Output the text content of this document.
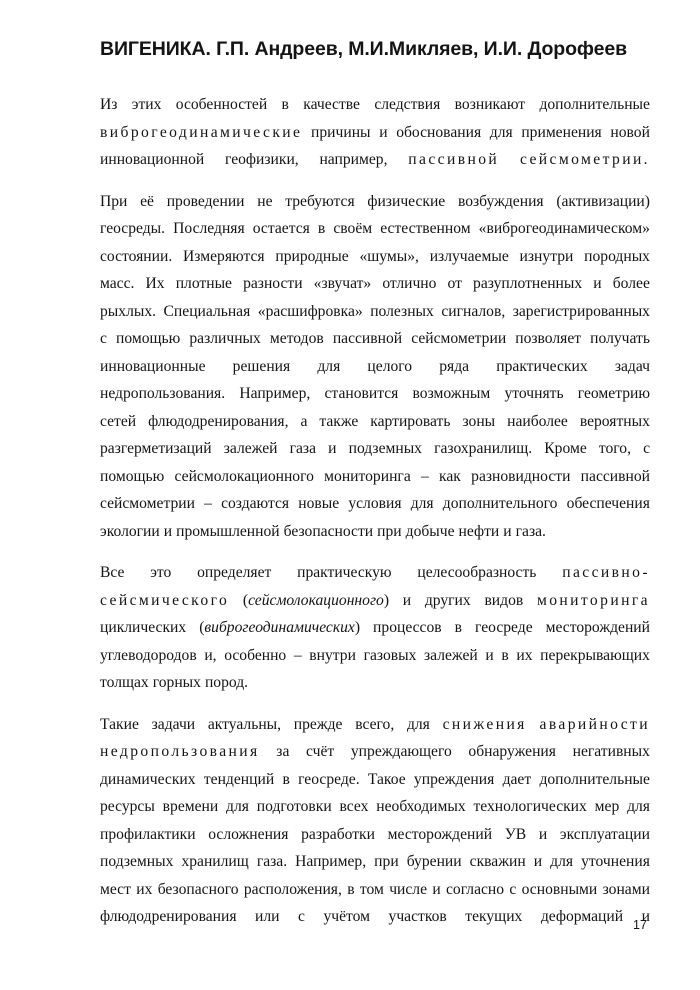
ВИГЕНИКА. Г.П. Андреев, М.И.Микляев, И.И. Дорофеев
Из этих особенностей в качестве следствия возникают дополнительные
виброгеодинамические причины и обоснования для применения новой
инновационной геофизики, например, пассивной сейсмометрии.
При её проведении не требуются физические возбуждения (активизации)
геосреды. Последняя остается в своём естественном «виброгеодинамическом»
состоянии. Измеряются природные «шумы», излучаемые изнутри породных
масс. Их плотные разности «звучат» отлично от разуплотненных и более
рыхлых. Специальная «расшифровка» полезных сигналов, зарегистрированных
с помощью различных методов пассивной сейсмометрии позволяет получать
инновационные решения для целого ряда практических задач
недропользования. Например, становится возможным уточнять геометрию
сетей флюдодренирования, а также картировать зоны наиболее вероятных
разгерметизаций залежей газа и подземных газохранилищ. Кроме того, с
помощью сейсмолокационного мониторинга – как разновидности пассивной
сейсмометрии – создаются новые условия для дополнительного обеспечения
экологии и промышленной безопасности при добыче нефти и газа.
Все это определяет практическую целесообразность пассивно-
сейсмического (сейсмолокационного) и других видов мониторинга
циклических (виброгеодинамических) процессов в геосреде месторождений
углеводородов и, особенно – внутри газовых залежей и в их перекрывающих
толщах горных пород.
Такие задачи актуальны, прежде всего, для снижения аварийности
недропользования за счёт упреждающего обнаружения негативных
динамических тенденций в геосреде. Такое упреждения дает дополнительные
ресурсы времени для подготовки всех необходимых технологических мер для
профилактики осложнения разработки месторождений УВ и эксплуатации
подземных хранилищ газа. Например, при бурении скважин и для уточнения
мест их безопасного расположения, в том числе и согласно с основными зонами
флюдодренирования или с учётом участков текущих деформаций и
17
